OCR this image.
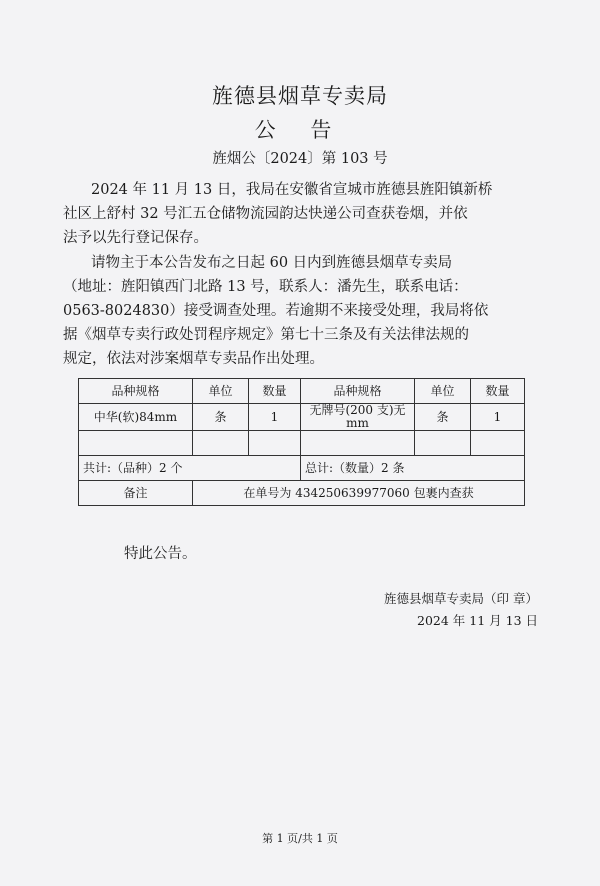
旌德县烟草专卖局
公 告
旌烟公〔2024〕第 103 号
2024 年 11 月 13 日，我局在安徽省宣城市旌德县旌阳镇新桥
社区上舒村 32 号汇五仓储物流园韵达快递公司查获卷烟，并依
法予以先行登记保存。
请物主于本公告发布之日起 60 日内到旌德县烟草专卖局
（地址：旌阳镇西门北路 13 号，联系人：潘先生，联系电话：
0563-8024830）接受调查处理。若逾期不来接受处理，我局将依
据《烟草专卖行政处罚程序规定》第七十三条及有关法律法规的
规定，依法对涉案烟草专卖品作出处理。
品种规格	单位	数量	品种规格	单位	数量
中华(软)84mm	条	1	无牌号(200 支)无mm	条	1

共计:（品种）2 个			总计:（数量）2 条		
备注	在单号为 434250639977060 包裹内查获				
特此公告。
旌德县烟草专卖局（印 章）
2024 年 11 月 13 日
第 1 页/共 1 页
